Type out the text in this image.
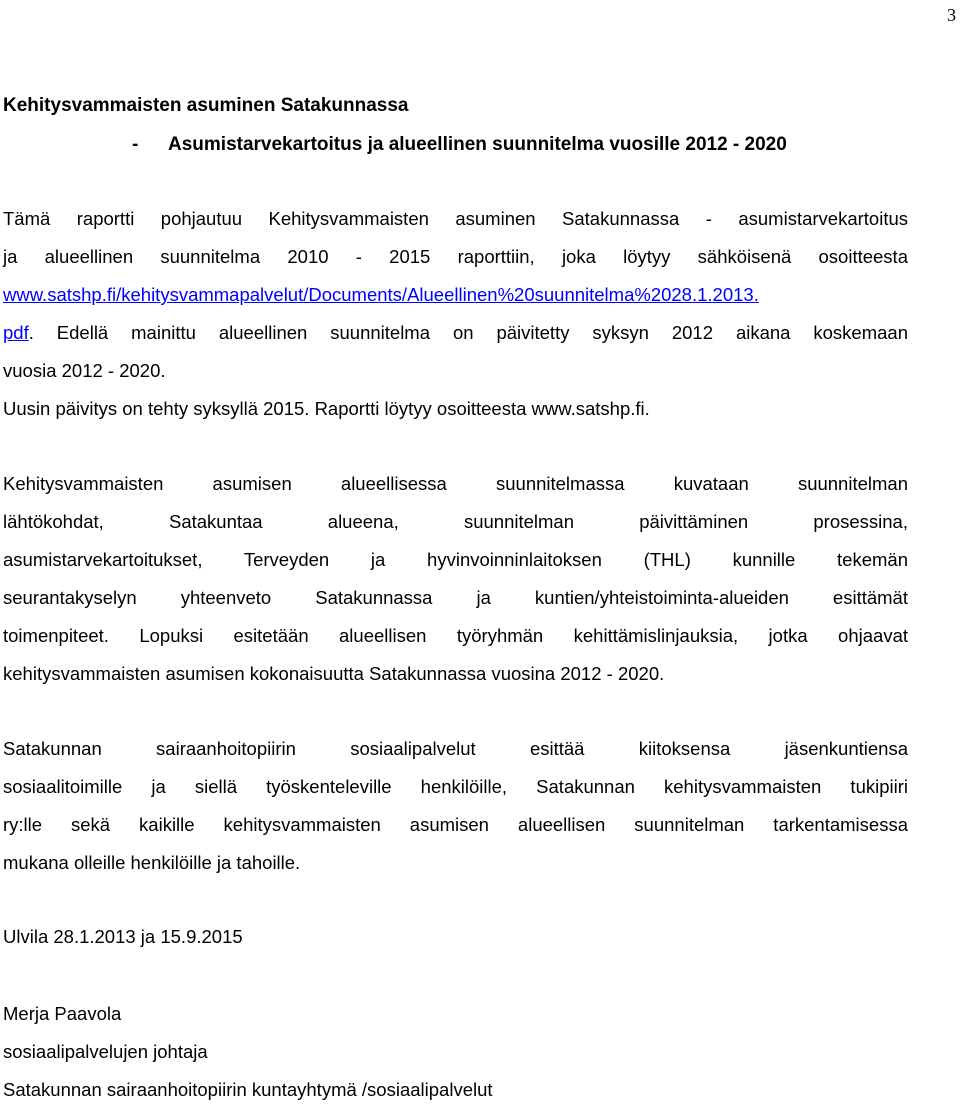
3
Kehitysvammaisten asuminen Satakunnassa
- Asumistarvekartoitus ja alueellinen suunnitelma vuosille 2012 - 2020
Tämä raportti pohjautuu Kehitysvammaisten asuminen Satakunnassa - asumistarvekartoitus
ja alueellinen suunnitelma 2010 - 2015 raporttiin, joka löytyy sähköisenä osoitteesta
www.satshp.fi/kehitysvammapalvelut/Documents/Alueellinen%20suunnitelma%2028.1.2013.
pdf. Edellä mainittu alueellinen suunnitelma on päivitetty syksyn 2012 aikana koskemaan
vuosia 2012 - 2020.
Uusin päivitys on tehty syksyllä 2015. Raportti löytyy osoitteesta www.satshp.fi.
Kehitysvammaisten asumisen alueellisessa suunnitelmassa kuvataan suunnitelman
lähtökohdat, Satakuntaa alueena, suunnitelman päivittäminen prosessina,
asumistarvekartoitukset, Terveyden ja hyvinvoinninlaitoksen (THL) kunnille tekemän
seurantakyselyn yhteenveto Satakunnassa ja kuntien/yhteistoiminta-alueiden esittämät
toimenpiteet. Lopuksi esitetään alueellisen työryhmän kehittämislinjauksia, jotka ohjaavat
kehitysvammaisten asumisen kokonaisuutta Satakunnassa vuosina 2012 - 2020.
Satakunnan sairaanhoitopiirin sosiaalipalvelut esittää kiitoksensa jäsenkuntiensa
sosiaalitoimille ja siellä työskenteleville henkilöille, Satakunnan kehitysvammaisten tukipiiri
ry:lle sekä kaikille kehitysvammaisten asumisen alueellisen suunnitelman tarkentamisessa
mukana olleille henkilöille ja tahoille.
Ulvila 28.1.2013 ja 15.9.2015
Merja Paavola
sosiaalipalvelujen johtaja
Satakunnan sairaanhoitopiirin kuntayhtymä /sosiaalipalvelut
